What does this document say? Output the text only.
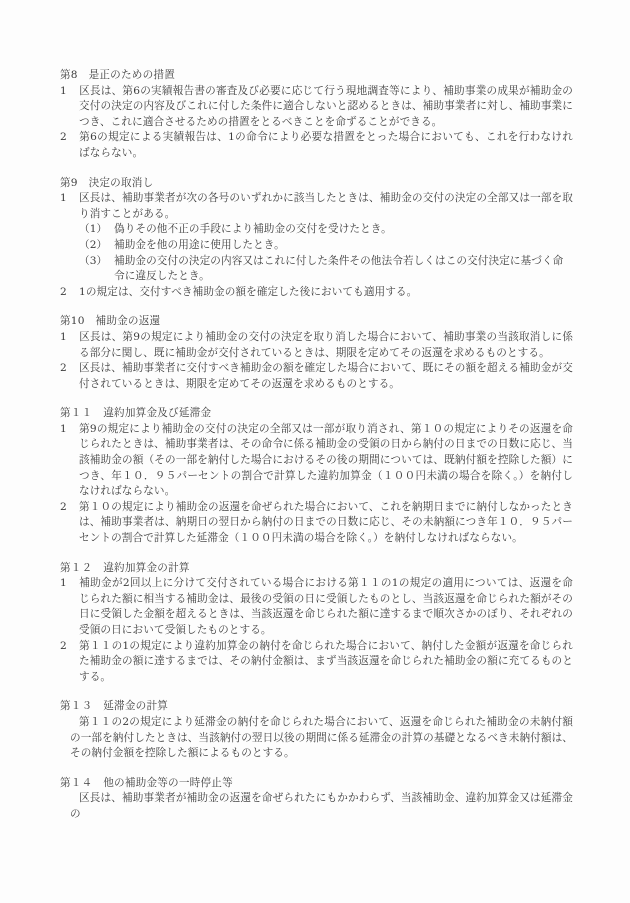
第8　是正のための措置

1 区長は、第6の実績報告書の審査及び必要に応じて行う現地調査等により、補助事業の成果が補助金の交付の決定の内容及びこれに付した条件に適合しないと認めるときは、補助事業者に対し、補助事業につき、これに適合させるための措置をとるべきことを命ずることができる。

2 第6の規定による実績報告は、1の命令により必要な措置をとった場合においても、これを行わなければならない。

第9　決定の取消し

1 区長は、補助事業者が次の各号のいずれかに該当したときは、補助金の交付の決定の全部又は一部を取り消すことがある。

（1） 偽りその他不正の手段により補助金の交付を受けたとき。

（2） 補助金を他の用途に使用したとき。

（3） 補助金の交付の決定の内容又はこれに付した条件その他法令若しくはこの交付決定に基づく命令に違反したとき。

2 1の規定は、交付すべき補助金の額を確定した後においても適用する。

第10　補助金の返還

1 区長は、第9の規定により補助金の交付の決定を取り消した場合において、補助事業の当該取消しに係る部分に関し、既に補助金が交付されているときは、期限を定めてその返還を求めるものとする。

2 区長は、補助事業者に交付すべき補助金の額を確定した場合において、既にその額を超える補助金が交付されているときは、期限を定めてその返還を求めるものとする。

第１１　違約加算金及び延滞金

1 第9の規定により補助金の交付の決定の全部又は一部が取り消され、第１０の規定によりその返還を命じられたときは、補助事業者は、その命令に係る補助金の受領の日から納付の日までの日数に応じ、当該補助金の額（その一部を納付した場合におけるその後の期間については、既納付額を控除した額）につき、年１０．９５パーセントの割合で計算した違約加算金（１００円未満の場合を除く。）を納付しなければならない。

2 第１０の規定により補助金の返還を命ぜられた場合において、これを納期日までに納付しなかったときは、補助事業者は、納期日の翌日から納付の日までの日数に応じ、その未納額につき年１０．９５パーセントの割合で計算した延滞金（１００円未満の場合を除く。）を納付しなければならない。

第１２　違約加算金の計算

1 補助金が2回以上に分けて交付されている場合における第１１の1の規定の適用については、返還を命じられた額に相当する補助金は、最後の受領の日に受領したものとし、当該返還を命じられた額がその日に受領した金額を超えるときは、当該返還を命じられた額に達するまで順次さかのぼり、それぞれの受領の日において受領したものとする。

2 第１１の1の規定により違約加算金の納付を命じられた場合において、納付した金額が返還を命じられた補助金の額に達するまでは、その納付金額は、まず当該返還を命じられた補助金の額に充てるものとする。

第１３　延滞金の計算

第１１の2の規定により延滞金の納付を命じられた場合において、返還を命じられた補助金の未納付額の一部を納付したときは、当該納付の翌日以後の期間に係る延滞金の計算の基礎となるべき未納付額は、その納付金額を控除した額によるものとする。

第１４　他の補助金等の一時停止等

区長は、補助事業者が補助金の返還を命ぜられたにもかかわらず、当該補助金、違約加算金又は延滞金の
